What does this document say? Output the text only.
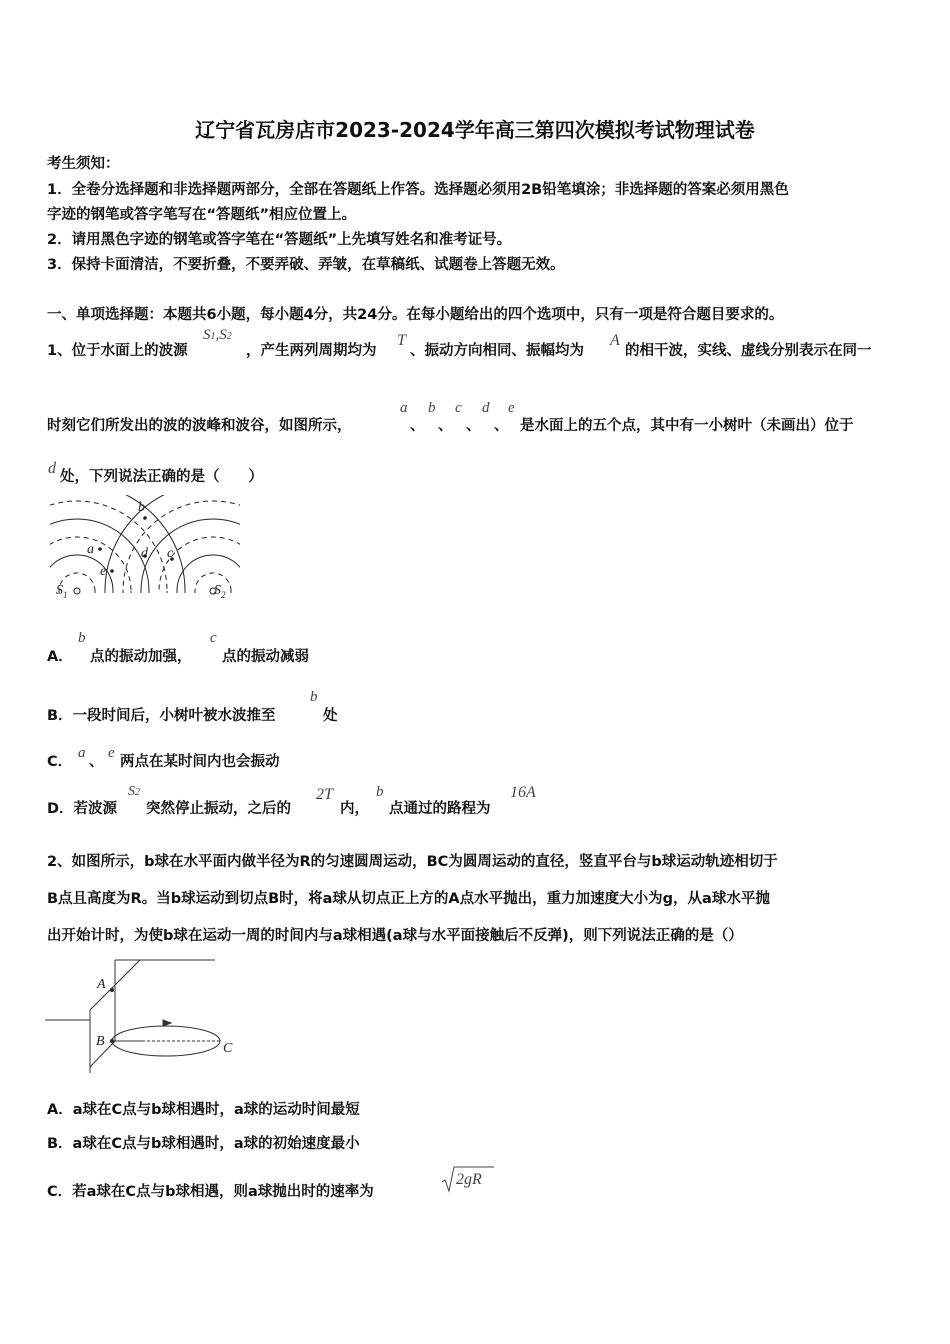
辽宁省瓦房店市2023-2024学年高三第四次模拟考试物理试卷
考生须知：
1．全卷分选择题和非选择题两部分，全部在答题纸上作答。选择题必须用2B铅笔填涂；非选择题的答案必须用黑色
字迹的钢笔或答字笔写在“答题纸”相应位置上。
2．请用黑色字迹的钢笔或答字笔在“答题纸”上先填写姓名和准考证号。
3．保持卡面清洁，不要折叠，不要弄破、弄皱，在草稿纸、试题卷上答题无效。
一、单项选择题：本题共6小题，每小题4分，共24分。在每小题给出的四个选项中，只有一项是符合题目要求的。
1、位于水面上的波源
S1,S2
，产生两列周期均为
T
、振动方向相同、振幅均为
A
的相干波，实线、虚线分别表示在同一
时刻它们所发出的波的波峰和波谷，如图所示，
a
、
b
、
c
、
d
、
e
是水面上的五个点，其中有一小树叶（未画出）位于
d 处，下列说法正确的是（　　）
b
a	d c
e
$S_1$	$S_2$
A．
b
点的振动加强，
c
点的振动减弱
B．一段时间后，小树叶被水波推至
b
处
C．
a
、
e
两点在某时间内也会振动
D．若波源
S2
突然停止振动，之后的
2T
内，
b
点通过的路程为
16A
2、如图所示，b球在水平面内做半径为R的匀速圆周运动，BC为圆周运动的直径，竖直平台与b球运动轨迹相切于
B点且高度为R。当b球运动到切点B时，将a球从切点正上方的A点水平抛出，重力加速度大小为g，从a球水平抛
出开始计时，为使b球在运动一周的时间内与a球相遇(a球与水平面接触后不反弹)，则下列说法正确的是（）
A
B	C
A．a球在C点与b球相遇时，a球的运动时间最短
B．a球在C点与b球相遇时，a球的初始速度最小
C．若a球在C点与b球相遇，则a球抛出时的速率为
2gR
